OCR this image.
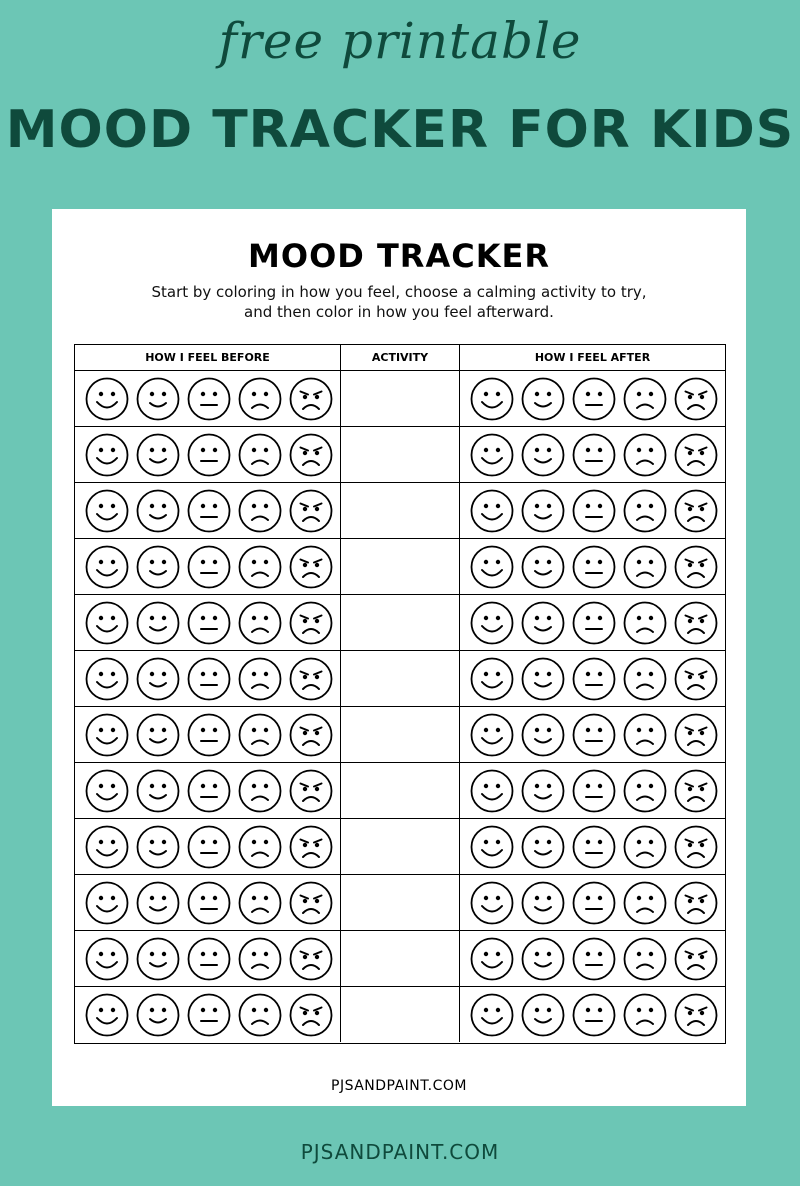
free printable
MOOD TRACKER FOR KIDS
MOOD TRACKER
Start by coloring in how you feel, choose a calming activity to try,
and then color in how you feel afterward.
HOW I FEEL BEFORE	ACTIVITY	HOW I FEEL AFTER
PJSANDPAINT.COM
PJSANDPAINT.COM
